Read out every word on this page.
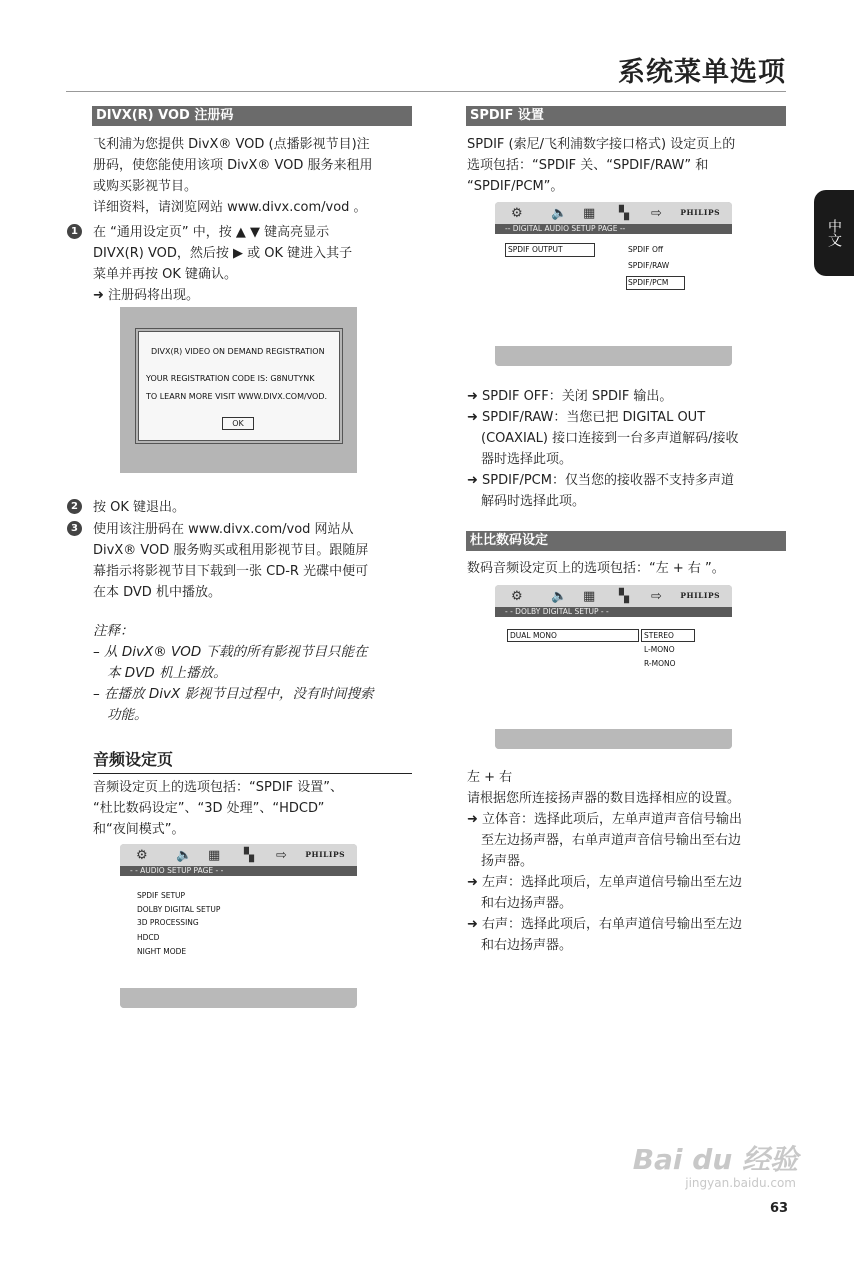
系统菜单选项
中文
DIVX(R) VOD 注册码
飞利浦为您提供 DivX® VOD (点播影视节目)注
册码，使您能使用该项 DivX® VOD 服务来租用
或购买影视节目。
详细资料，请浏览网站 www.divx.com/vod 。
1	在 “通用设定页” 中，按 ▲ ▼ 键高亮显示
DIVX(R) VOD，然后按 ▶ 或 OK 键进入其子
菜单并再按 OK 键确认。
➜ 注册码将出现。
DIVX(R) VIDEO ON DEMAND REGISTRATION
YOUR REGISTRATION CODE IS: G8NUTYNK
TO LEARN MORE VISIT WWW.DIVX.COM/VOD.
OK
2	按 OK 键退出。
3	使用该注册码在 www.divx.com/vod 网站从
DivX® VOD 服务购买或租用影视节目。跟随屏
幕指示将影视节目下载到一张 CD-R 光碟中便可
在本 DVD 机中播放。
注释：
– 从 DivX® VOD 下载的所有影视节目只能在
本 DVD 机上播放。
– 在播放 DivX 影视节目过程中，没有时间搜索
功能。
音频设定页
音频设定页上的选项包括：“SPDIF 设置”、
“杜比数码设定”、“3D 处理”、“HDCD”
和“夜间模式”。
⚙ 🔈 ▦ ▚ ⇨ PHILIPS
- - AUDIO SETUP PAGE - -
SPDIF SETUP
DOLBY DIGITAL SETUP
3D PROCESSING
HDCD
NIGHT MODE
SPDIF 设置
SPDIF (索尼/飞利浦数字接口格式) 设定页上的
选项包括：“SPDIF 关、“SPDIF/RAW” 和
“SPDIF/PCM”。
⚙ 🔈 ▦ ▚ ⇨ PHILIPS
-- DIGITAL AUDIO SETUP PAGE --
SPDIF OUTPUT	SPDIF Off
SPDIF/RAW
SPDIF/PCM
➜ SPDIF OFF：关闭 SPDIF 输出。
➜ SPDIF/RAW：当您已把 DIGITAL OUT
(COAXIAL) 接口连接到一台多声道解码/接收
器时选择此项。
➜ SPDIF/PCM：仅当您的接收器不支持多声道
解码时选择此项。
杜比数码设定
数码音频设定页上的选项包括：“左 + 右 ”。
⚙ 🔈 ▦ ▚ ⇨ PHILIPS
- - DOLBY DIGITAL SETUP - -
DUAL MONO	STEREO
L-MONO
R-MONO
左 + 右
请根据您所连接扬声器的数目选择相应的设置。
➜ 立体音：选择此项后，左单声道声音信号输出
至左边扬声器，右单声道声音信号输出至右边
扬声器。
➜ 左声：选择此项后，左单声道信号输出至左边
和右边扬声器。
➜ 右声：选择此项后，右单声道信号输出至左边
和右边扬声器。
Bai du 经验
jingyan.baidu.com
63
